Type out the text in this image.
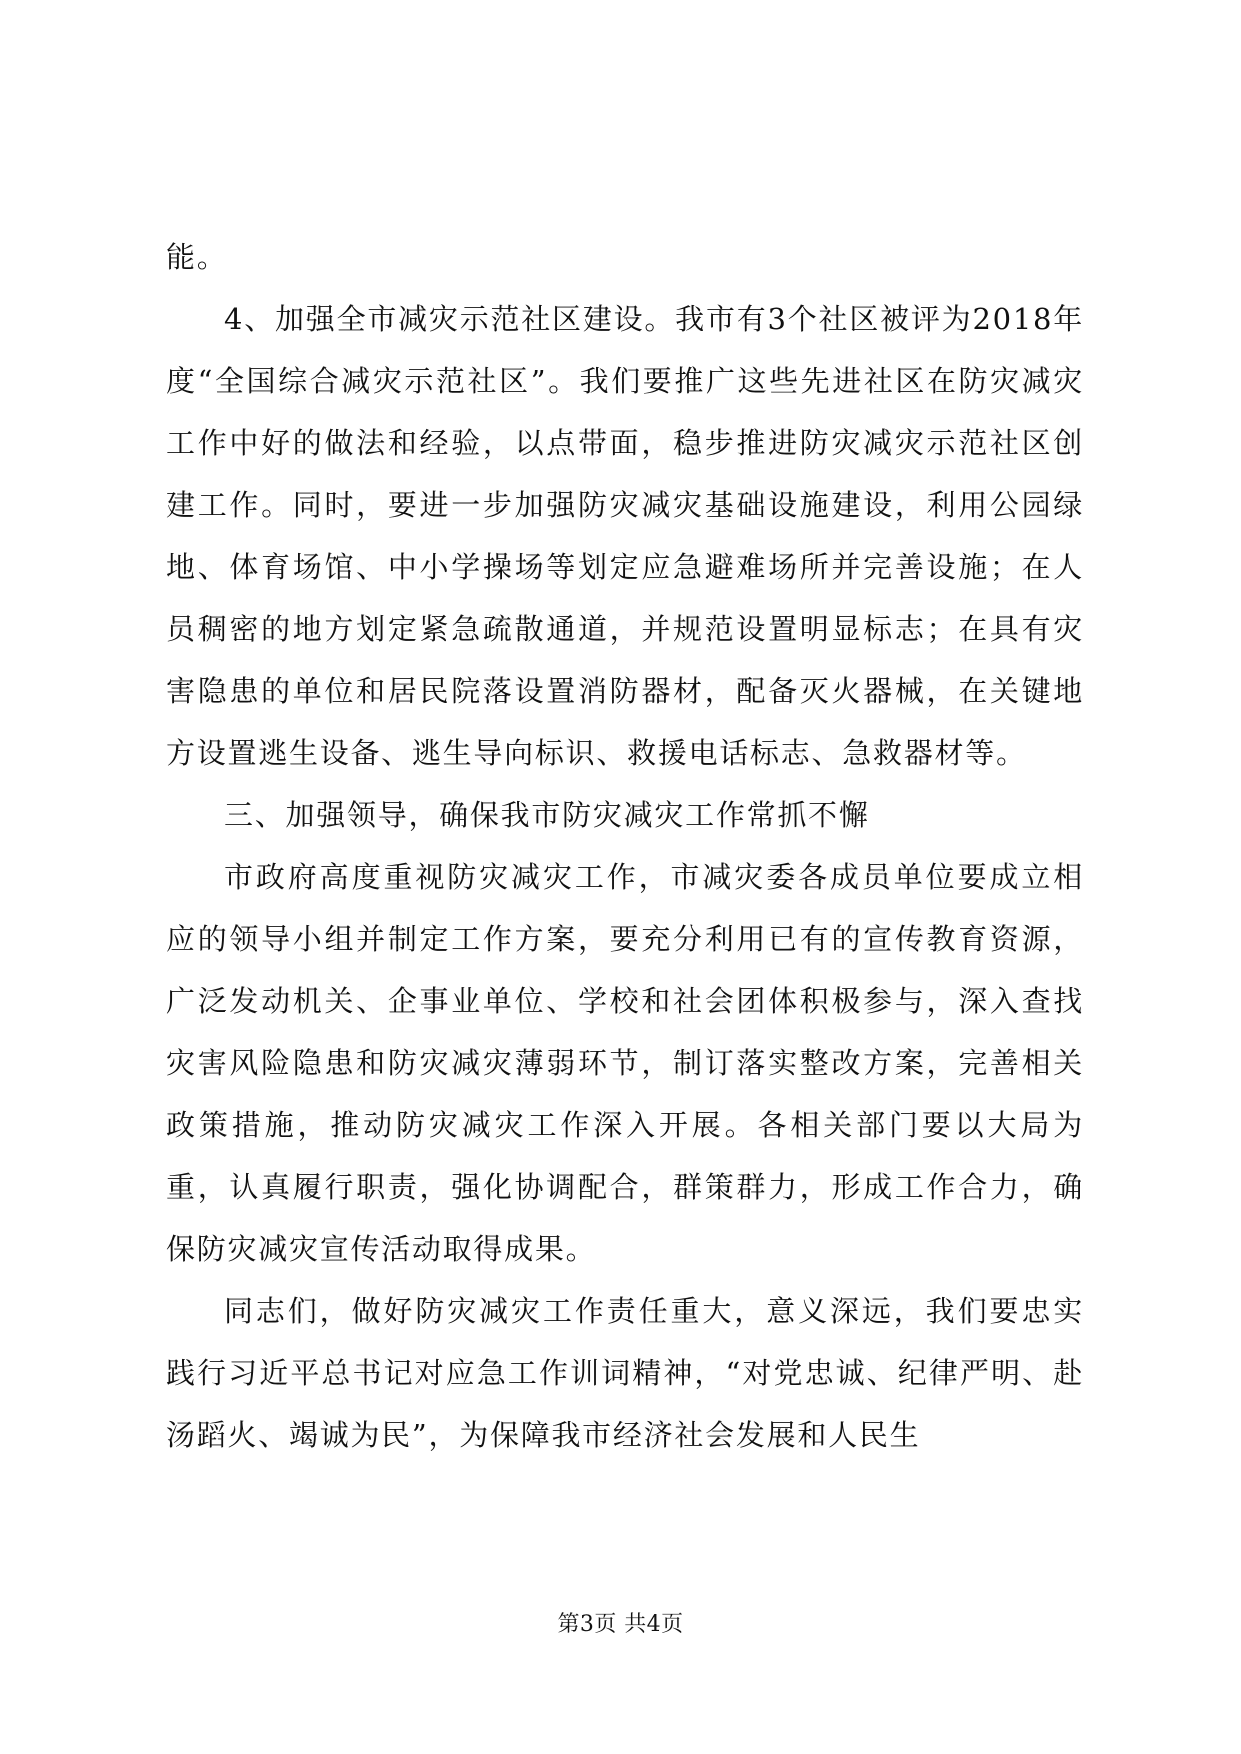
能。

4、加强全市减灾示范社区建设。我市有3个社区被评为2018年度“全国综合减灾示范社区”。我们要推广这些先进社区在防灾减灾工作中好的做法和经验，以点带面，稳步推进防灾减灾示范社区创建工作。同时，要进一步加强防灾减灾基础设施建设，利用公园绿地、体育场馆、中小学操场等划定应急避难场所并完善设施；在人员稠密的地方划定紧急疏散通道，并规范设置明显标志；在具有灾害隐患的单位和居民院落设置消防器材，配备灭火器械，在关键地方设置逃生设备、逃生导向标识、救援电话标志、急救器材等。

三、加强领导，确保我市防灾减灾工作常抓不懈

市政府高度重视防灾减灾工作，市减灾委各成员单位要成立相应的领导小组并制定工作方案，要充分利用已有的宣传教育资源，广泛发动机关、企事业单位、学校和社会团体积极参与，深入查找灾害风险隐患和防灾减灾薄弱环节，制订落实整改方案，完善相关政策措施，推动防灾减灾工作深入开展。各相关部门要以大局为重，认真履行职责，强化协调配合，群策群力，形成工作合力，确保防灾减灾宣传活动取得成果。

同志们，做好防灾减灾工作责任重大，意义深远，我们要忠实践行习近平总书记对应急工作训词精神，“对党忠诚、纪律严明、赴汤蹈火、竭诚为民”，为保障我市经济社会发展和人民生

第3页 共4页
